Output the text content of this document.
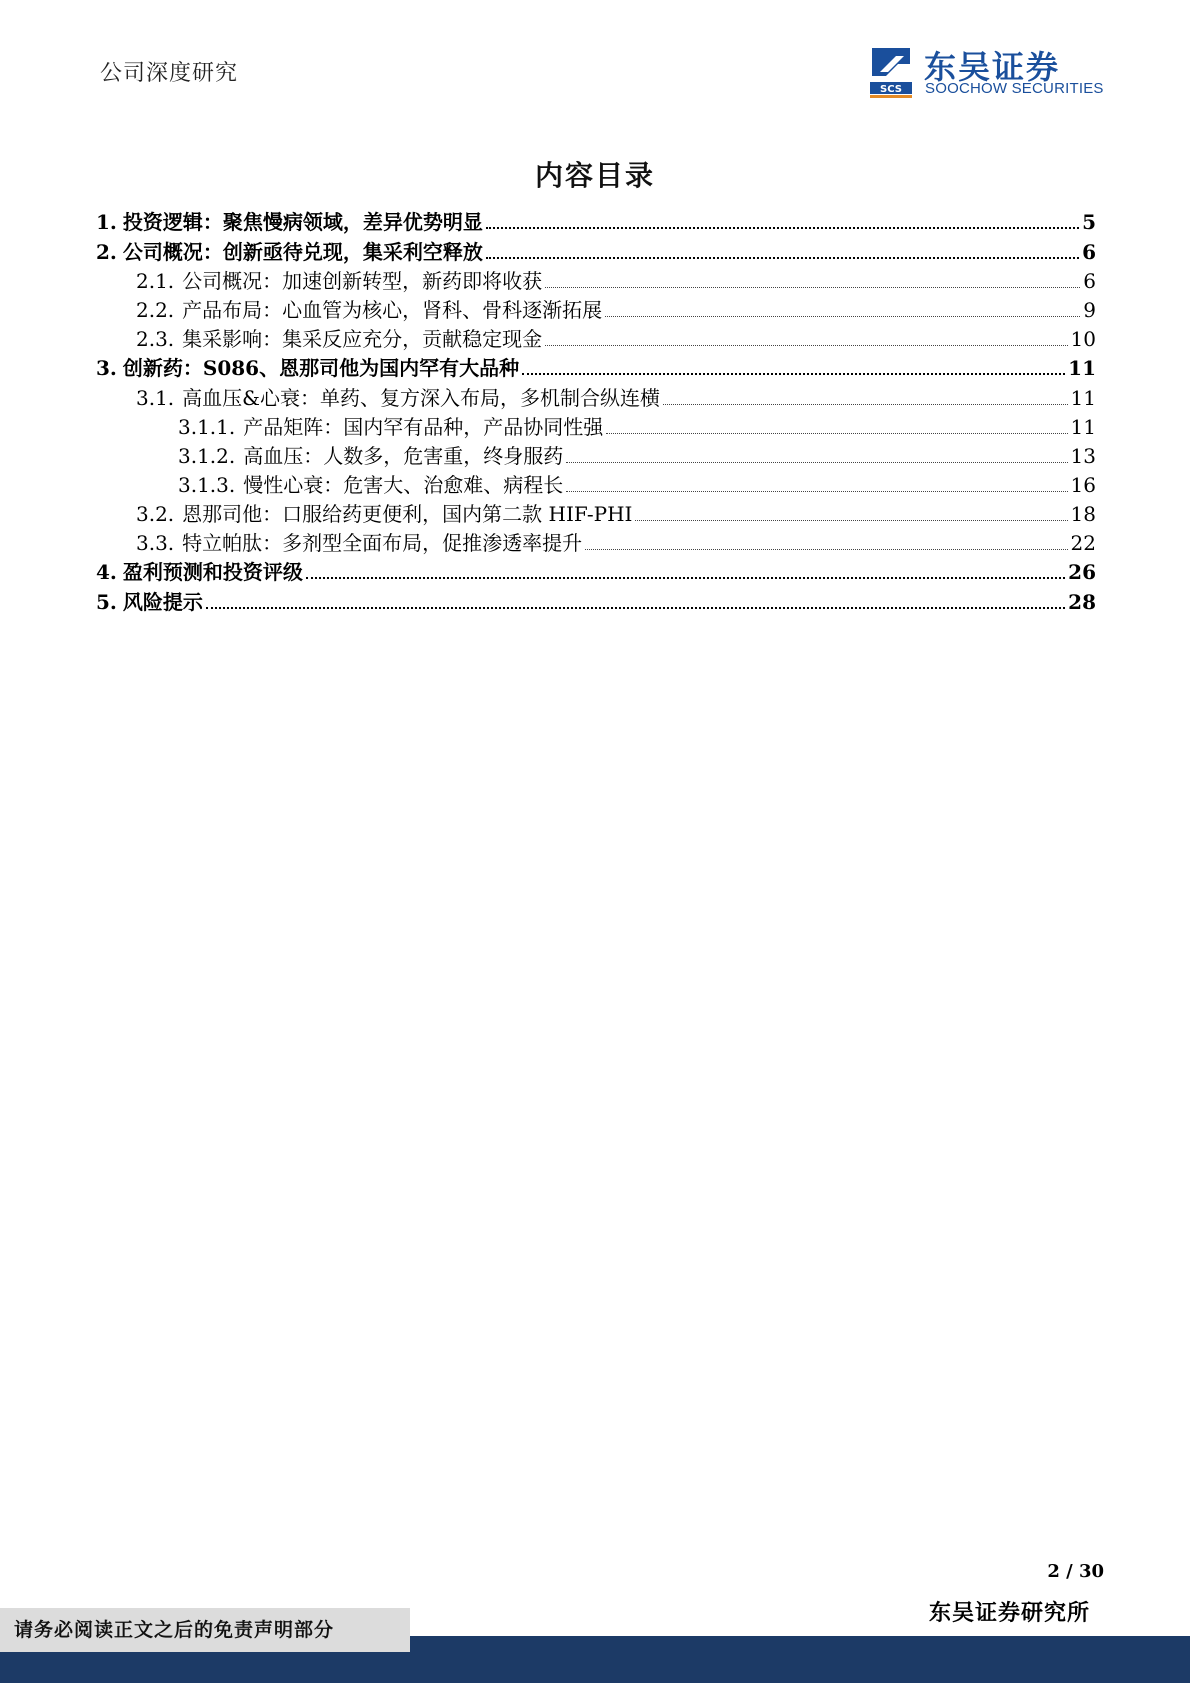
公司深度研究
SCS
东吴证券
SOOCHOW SECURITIES
内容目录
1. 投资逻辑：聚焦慢病领域，差异优势明显	5
2. 公司概况：创新亟待兑现，集采利空释放	6
2.1. 公司概况：加速创新转型，新药即将收获	6
2.2. 产品布局：心血管为核心，肾科、骨科逐渐拓展	9
2.3. 集采影响：集采反应充分，贡献稳定现金	10
3. 创新药：S086、恩那司他为国内罕有大品种	11
3.1. 高血压&心衰：单药、复方深入布局，多机制合纵连横	11
3.1.1. 产品矩阵：国内罕有品种，产品协同性强	11
3.1.2. 高血压：人数多，危害重，终身服药	13
3.1.3. 慢性心衰：危害大、治愈难、病程长	16
3.2. 恩那司他：口服给药更便利，国内第二款 HIF-PHI	18
3.3. 特立帕肽：多剂型全面布局，促推渗透率提升	22
4. 盈利预测和投资评级	26
5. 风险提示	28
2 / 30
东吴证券研究所
请务必阅读正文之后的免责声明部分
